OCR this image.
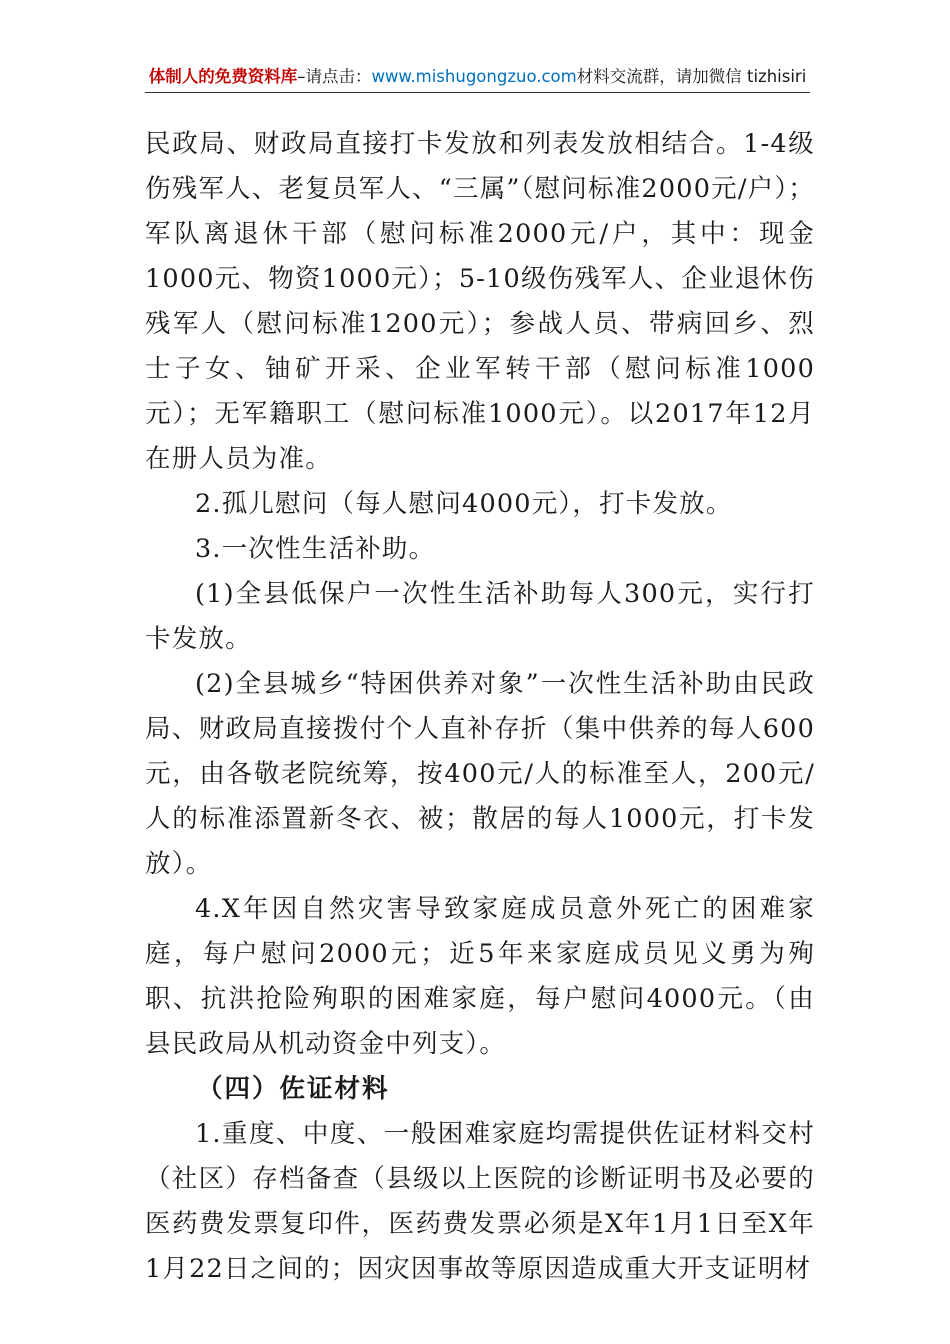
体制人的免费资料库–请点击：www.mishugongzuo.com材料交流群，请加微信 tizhisiri

民政局、财政局直接打卡发放和列表发放相结合。1-4级伤残军人、老复员军人、“三属”（慰问标准2000元/户）；军队离退休干部（慰问标准2000元/户，其中：现金1000元、物资1000元）；5-10级伤残军人、企业退休伤残军人（慰问标准1200元）；参战人员、带病回乡、烈士子女、铀矿开采、企业军转干部（慰问标准1000元）；无军籍职工（慰问标准1000元）。以2017年12月在册人员为准。

2.孤儿慰问（每人慰问4000元），打卡发放。

3.一次性生活补助。

(1)全县低保户一次性生活补助每人300元，实行打卡发放。

(2)全县城乡“特困供养对象”一次性生活补助由民政局、财政局直接拨付个人直补存折（集中供养的每人600元，由各敬老院统筹，按400元/人的标准至人，200元/人的标准添置新冬衣、被；散居的每人1000元，打卡发放）。

4.X年因自然灾害导致家庭成员意外死亡的困难家庭，每户慰问2000元；近5年来家庭成员见义勇为殉职、抗洪抢险殉职的困难家庭，每户慰问4000元。（由县民政局从机动资金中列支）。

（四）佐证材料

1.重度、中度、一般困难家庭均需提供佐证材料交村（社区）存档备查（县级以上医院的诊断证明书及必要的医药费发票复印件，医药费发票必须是X年1月1日至X年1月22日之间的；因灾因事故等原因造成重大开支证明材
